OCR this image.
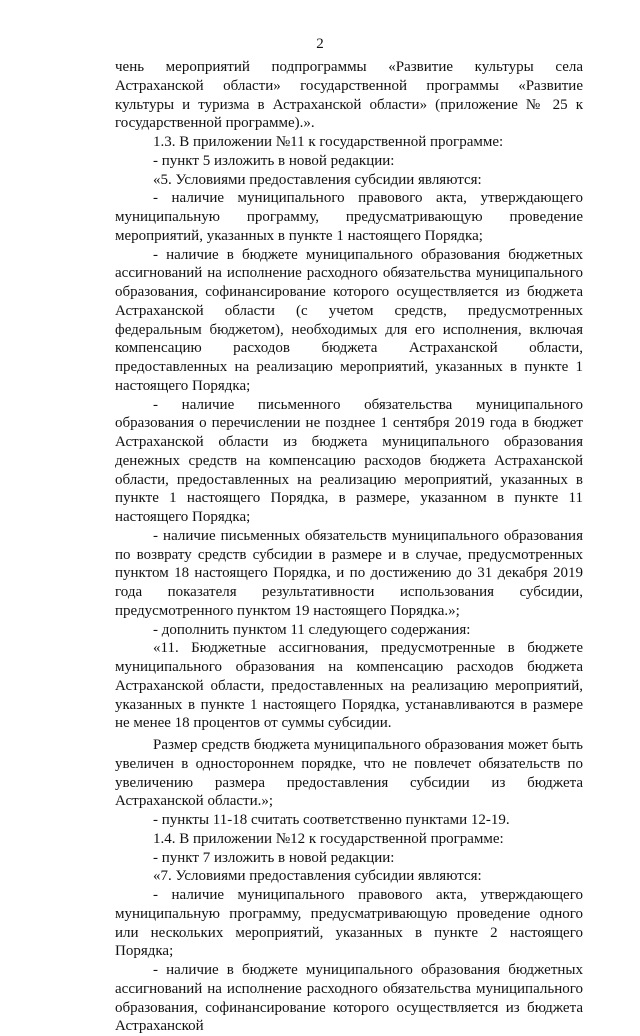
2

чень мероприятий подпрограммы «Развитие культуры села Астраханской области» государственной программы «Развитие культуры и туризма в Астраханской области» (приложение № 25 к государственной программе).».

1.3. В приложении №11 к государственной программе:

- пункт 5 изложить в новой редакции:

«5. Условиями предоставления субсидии являются:

- наличие муниципального правового акта, утверждающего муниципальную программу, предусматривающую проведение мероприятий, указанных в пункте 1 настоящего Порядка;

- наличие в бюджете муниципального образования бюджетных ассигнований на исполнение расходного обязательства муниципального образования, софинансирование которого осуществляется из бюджета Астраханской области (с учетом средств, предусмотренных федеральным бюджетом), необходимых для его исполнения, включая компенсацию расходов бюджета Астраханской области, предоставленных на реализацию мероприятий, указанных в пункте 1 настоящего Порядка;

- наличие письменного обязательства муниципального образования о перечислении не позднее 1 сентября 2019 года в бюджет Астраханской области из бюджета муниципального образования денежных средств на компенсацию расходов бюджета Астраханской области, предоставленных на реализацию мероприятий, указанных в пункте 1 настоящего Порядка, в размере, указанном в пункте 11 настоящего Порядка;

- наличие письменных обязательств муниципального образования по возврату средств субсидии в размере и в случае, предусмотренных пунктом 18 настоящего Порядка, и по достижению до 31 декабря 2019 года показателя результативности использования субсидии, предусмотренного пунктом 19 настоящего Порядка.»;

- дополнить пунктом 11 следующего содержания:

«11. Бюджетные ассигнования, предусмотренные в бюджете муниципального образования на компенсацию расходов бюджета Астраханской области, предоставленных на реализацию мероприятий, указанных в пункте 1 настоящего Порядка, устанавливаются в размере не менее 18 процентов от суммы субсидии.

Размер средств бюджета муниципального образования может быть увеличен в одностороннем порядке, что не повлечет обязательств по увеличению размера предоставления субсидии из бюджета Астраханской области.»;

- пункты 11-18 считать соответственно пунктами 12-19.

1.4. В приложении №12 к государственной программе:

- пункт 7 изложить в новой редакции:

«7. Условиями предоставления субсидии являются:

- наличие муниципального правового акта, утверждающего муниципальную программу, предусматривающую проведение одного или нескольких мероприятий, указанных в пункте 2 настоящего Порядка;

- наличие в бюджете муниципального образования бюджетных ассигнований на исполнение расходного обязательства муниципального образования, софинансирование которого осуществляется из бюджета Астраханской
